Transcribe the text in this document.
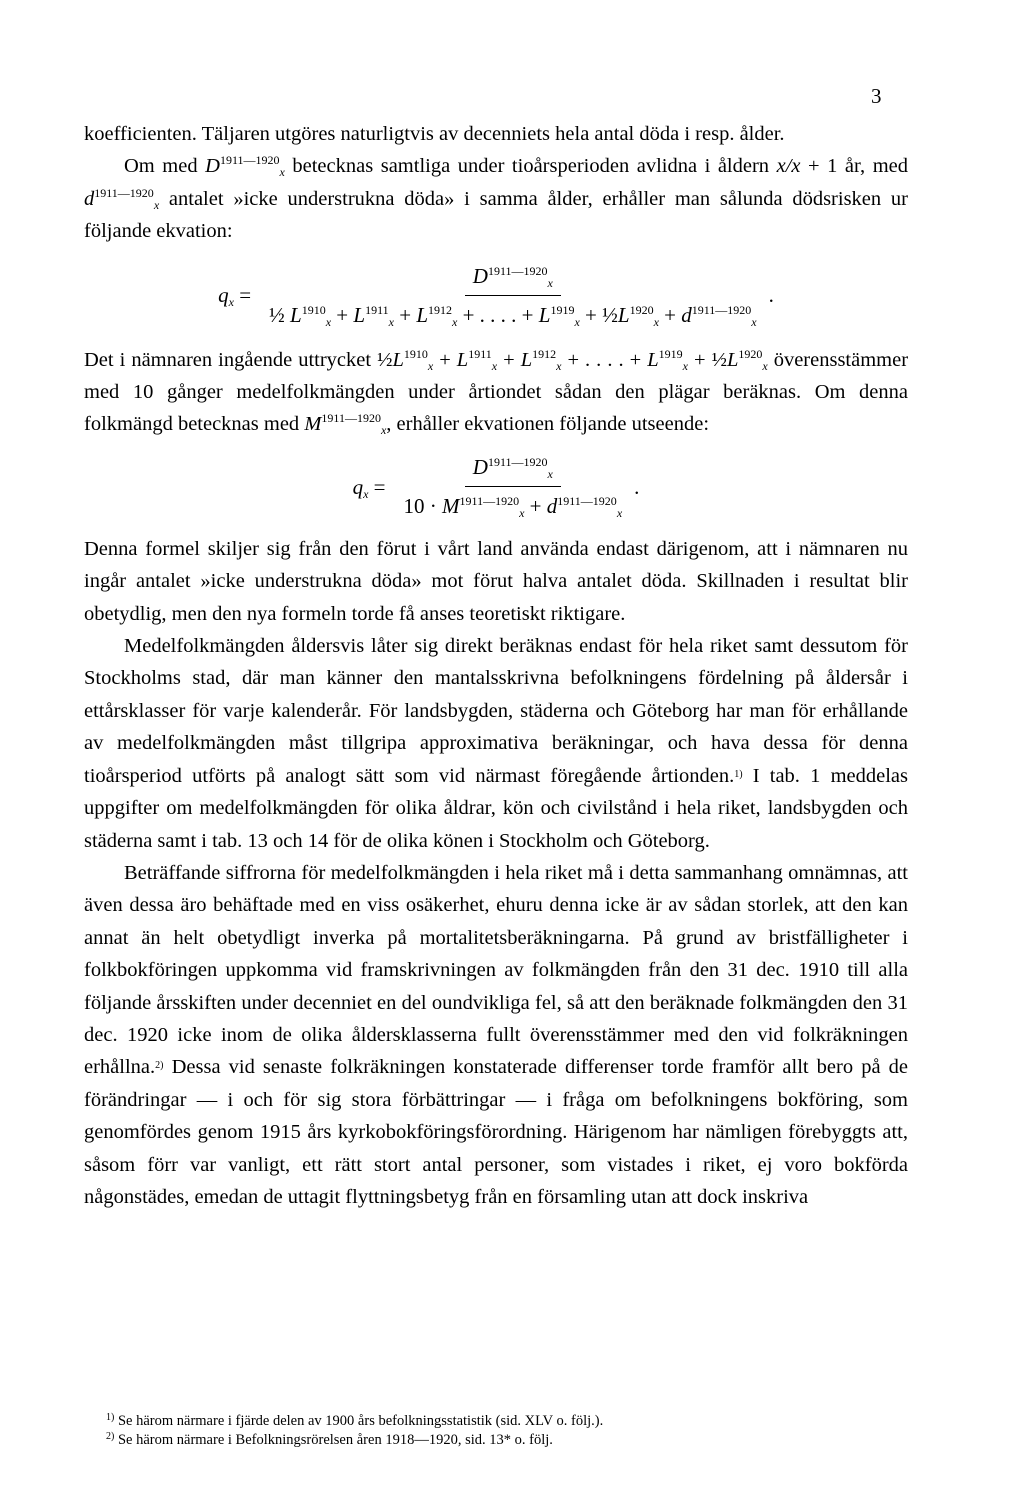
3

koefficienten. Täljaren utgöres naturligtvis av decenniets hela antal döda i resp. ålder.

Om med $D^{1911—1920}_x$ betecknas samtliga under tioårsperioden avlidna i åldern x/x + 1 år, med $d^{1911—1920}_x$ antalet »icke understrukna döda» i samma ålder, erhåller man sålunda dödsrisken ur följande ekvation:

$q_x$ =
$D^{1911—1920}_x$
½ $L^{1910}_x + L^{1911}_x + L^{1912}_x$ + . . . . + $L^{1919}_x$ + $\frac{1}{2}L^{1920}_x + d^{1911—1920}_x$
.

Det i nämnaren ingående uttrycket $\frac{1}{2}L^{1910}_x + L^{1911}_x + L^{1912}_x$ + . . . . + $L^{1919}_x$ + $\frac{1}{2}L^{1920}_x$ överensstämmer med 10 gånger medelfolkmängden under årtiondet sådan den plägar beräknas. Om denna folkmängd betecknas med $M^{1911—1920}_x$, erhåller ekvationen följande utseende:

$q_x = \frac{D^{1911—1920}_x}{10 \cdot M^{1911—1920}_x + d^{1911—1920}_x}$ .

Denna formel skiljer sig från den förut i vårt land använda endast därigenom, att i nämnaren nu ingår antalet »icke understrukna döda» mot förut halva antalet döda. Skillnaden i resultat blir obetydlig, men den nya formeln torde få anses teoretiskt riktigare.

Medelfolkmängden åldersvis låter sig direkt beräknas endast för hela riket samt dessutom för Stockholms stad, där man känner den mantalsskrivna befolkningens fördelning på åldersår i ettårsklasser för varje kalenderår. För landsbygden, städerna och Göteborg har man för erhållande av medelfolkmängden måst tillgripa approximativa beräkningar, och hava dessa för denna tioårsperiod utförts på analogt sätt som vid närmast föregående årtionden.$^{1)}$ I tab. 1 meddelas uppgifter om medelfolkmängden för olika åldrar, kön och civilstånd i hela riket, landsbygden och städerna samt i tab. 13 och 14 för de olika könen i Stockholm och Göteborg.

Beträffande siffrorna för medelfolkmängden i hela riket må i detta sammanhang omnämnas, att även dessa äro behäftade med en viss osäkerhet, ehuru denna icke är av sådan storlek, att den kan annat än helt obetydligt inverka på mortalitetsberäkningarna. På grund av bristfälligheter i folkbokföringen uppkomma vid framskrivningen av folkmängden från den 31 dec. 1910 till alla följande årsskiften under decenniet en del oundvikliga fel, så att den beräknade folkmängden den 31 dec. 1920 icke inom de olika åldersklasserna fullt överensstämmer med den vid folkräkningen erhållna.$^{2)}$ Dessa vid senaste folkräkningen konstaterade differenser torde framför allt bero på de förändringar — i och för sig stora förbättringar — i fråga om befolkningens bokföring, som genomfördes genom 1915 års kyrkobokföringsförordning. Härigenom har nämligen förebyggts att, såsom förr var vanligt, ett rätt stort antal personer, som vistades i riket, ej voro bokförda någonstädes, emedan de uttagit flyttningsbetyg från en församling utan att dock inskriva

$^{1)}$ Se härom närmare i fjärde delen av 1900 års befolkningsstatistik (sid. XLV o. följ.).

$^{2)}$ Se härom närmare i Befolkningsrörelsen åren 1918—1920, sid. 13* o. följ.
